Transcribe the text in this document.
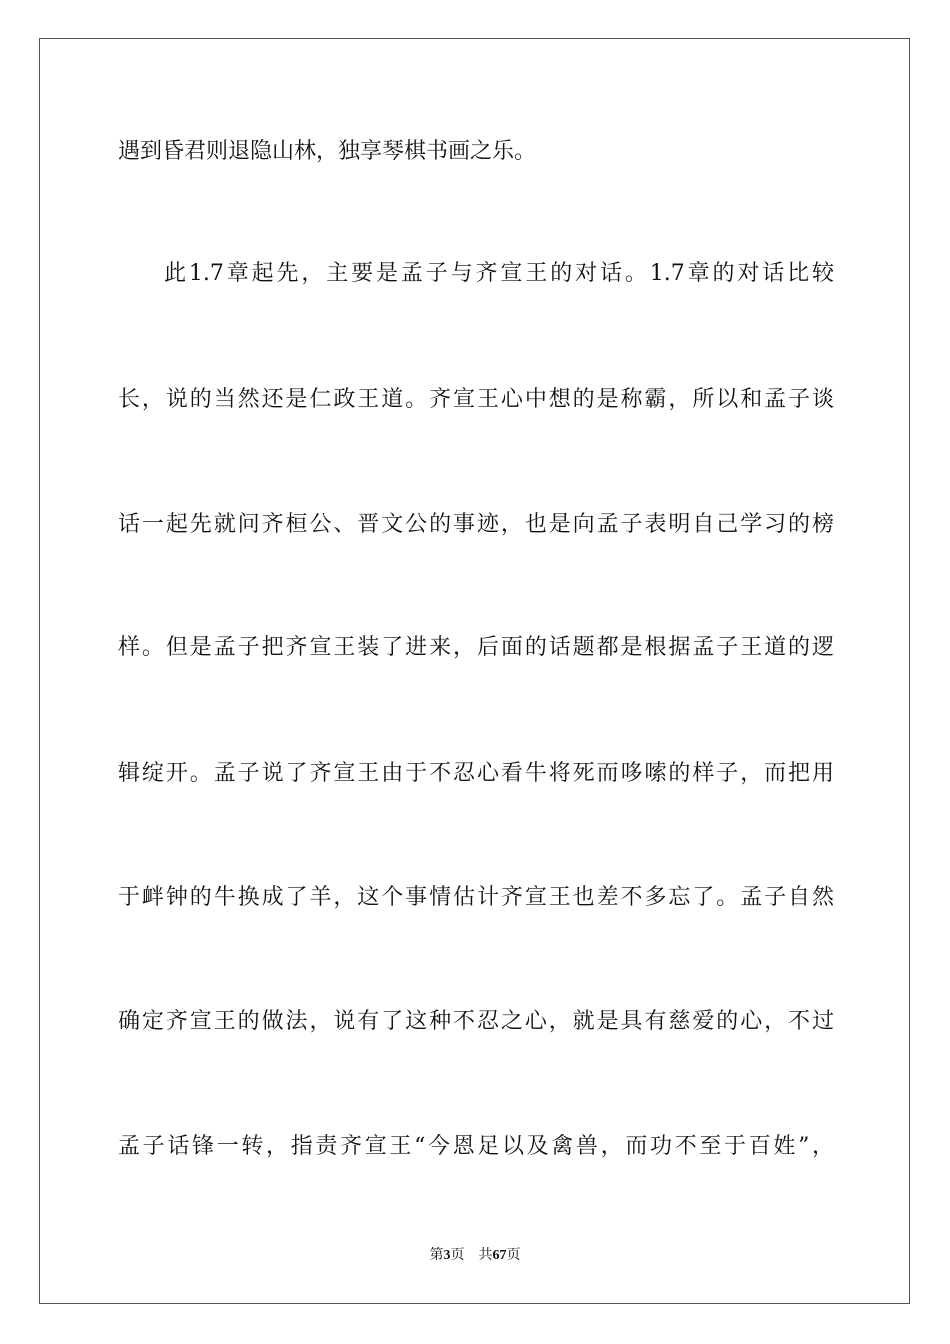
遇到昏君则退隐山林，独享琴棋书画之乐。
此1.7章起先，主要是孟子与齐宣王的对话。1.7章的对话比较
长，说的当然还是仁政王道。齐宣王心中想的是称霸，所以和孟子谈
话一起先就问齐桓公、晋文公的事迹，也是向孟子表明自己学习的榜
样。但是孟子把齐宣王装了进来，后面的话题都是根据孟子王道的逻
辑绽开。孟子说了齐宣王由于不忍心看牛将死而哆嗦的样子，而把用
于衅钟的牛换成了羊，这个事情估计齐宣王也差不多忘了。孟子自然
确定齐宣王的做法，说有了这种不忍之心，就是具有慈爱的心，不过
孟子话锋一转，指责齐宣王“今恩足以及禽兽，而功不至于百姓”，
第3页 共67页
